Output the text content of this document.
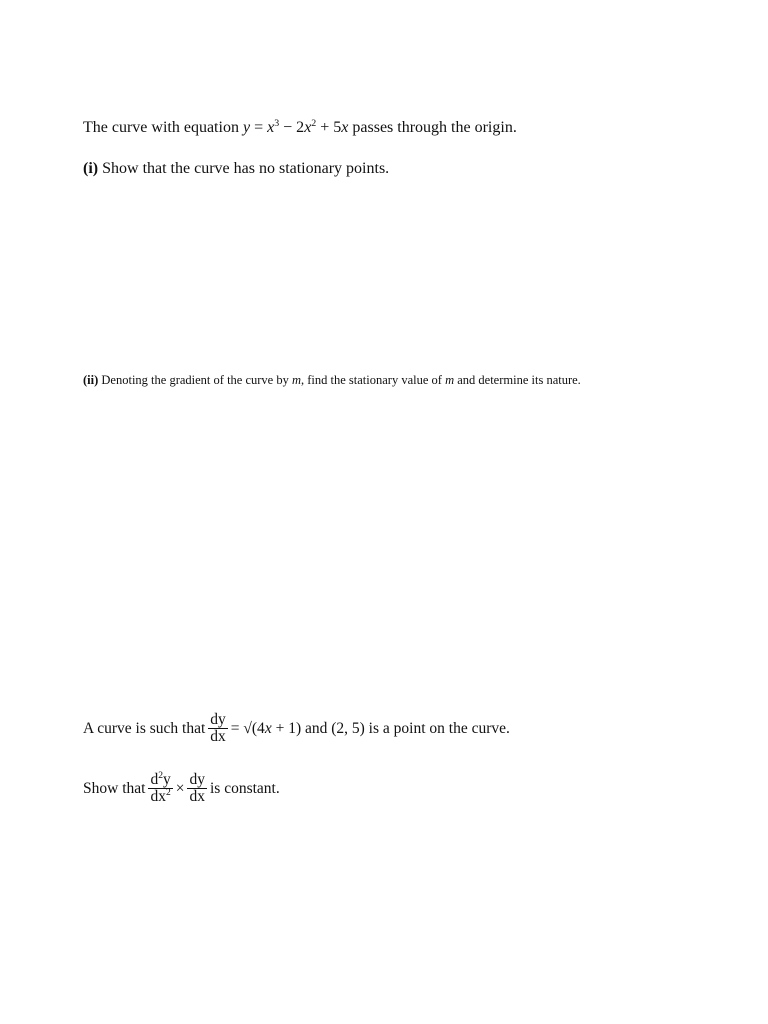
The curve with equation $y = x^3 - 2x^2 + 5x$ passes through the origin.
(i) Show that the curve has no stationary points.
(ii) Denoting the gradient of the curve by m, find the stationary value of m and determine its nature.
A curve is such that $\frac{dy}{dx} = √(4$ x + 1) and (2, 5) is a point on the curve.
Show that $\frac{d^2y}{dx^2} \times \frac{dy}{dx}$ is constant.
